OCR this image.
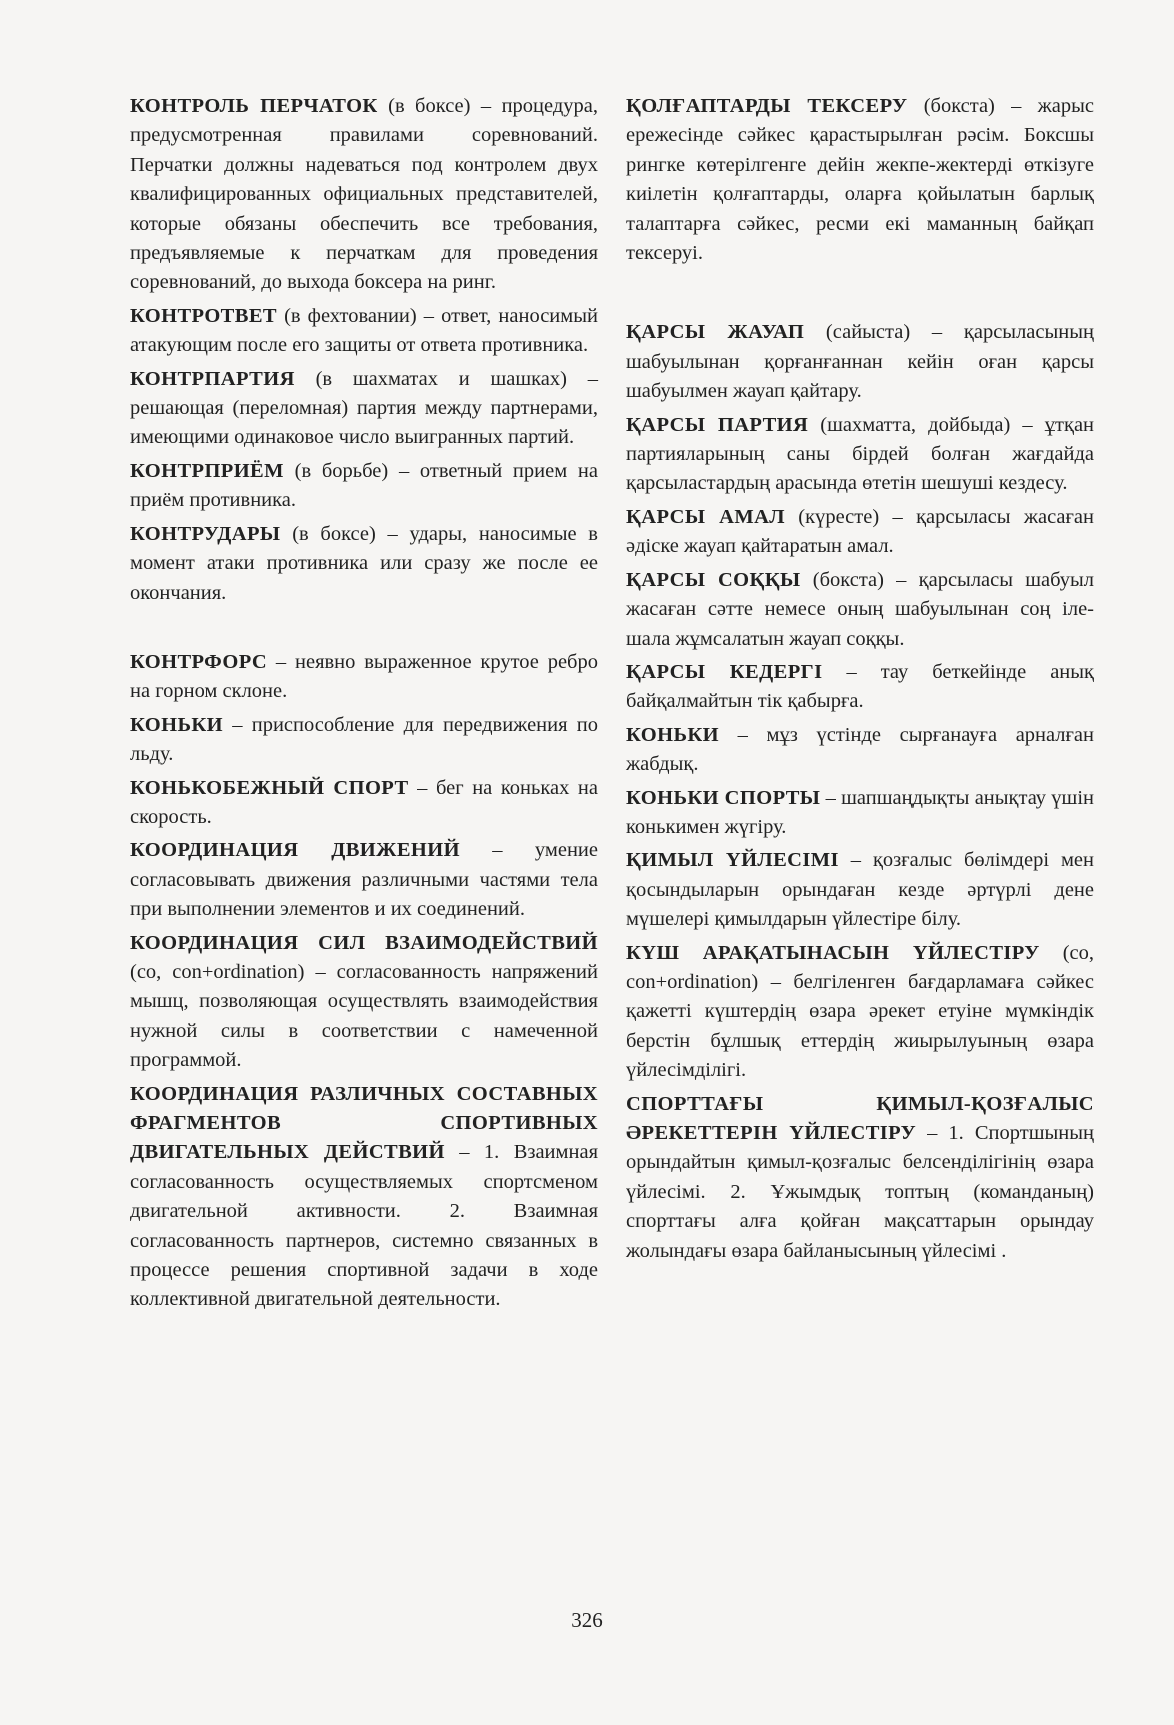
КОНТРОЛЬ ПЕРЧАТОК (в боксе) – процедура, предусмотренная правилами соревнований. Перчатки должны надеваться под контролем двух квалифицированных официальных представителей, которые обязаны обеспечить все требования, предъявляемые к перчаткам для проведения соревнований, до выхода боксера на ринг.

КОНТРОТВЕТ (в фехтовании) – ответ, наносимый атакующим после его защиты от ответа противника.

КОНТРПАРТИЯ (в шахматах и шашках) – решающая (переломная) партия между партнерами, имеющими одинаковое число выигранных партий.

КОНТРПРИЁМ (в борьбе) – ответный прием на приём противника.

КОНТРУДАРЫ (в боксе) – удары, наносимые в момент атаки противника или сразу же после ее окончания.

КОНТРФОРС – неявно выраженное крутое ребро на горном склоне.

КОНЬКИ – приспособление для передвижения по льду.

КОНЬКОБЕЖНЫЙ СПОРТ – бег на коньках на скорость.

КООРДИНАЦИЯ ДВИЖЕНИЙ – умение согласовывать движения различными частями тела при выполнении элементов и их соединений.

КООРДИНАЦИЯ СИЛ ВЗАИМОДЕЙСТВИЙ (co, con+ordination) – согласованность напряжений мышц, позволяющая осуществлять взаимодействия нужной силы в соответствии с намеченной программой.

КООРДИНАЦИЯ РАЗЛИЧНЫХ СОСТАВНЫХ ФРАГМЕНТОВ СПОРТИВНЫХ ДВИГАТЕЛЬНЫХ ДЕЙСТВИЙ – 1. Взаимная согласованность осуществляемых спортсменом двигательной активности. 2. Взаимная согласованность партнеров, системно связанных в процессе решения спортивной задачи в ходе коллективной двигательной деятельности.

ҚОЛҒАПТАРДЫ ТЕКСЕРУ (бокста) – жарыс ережесінде сәйкес қарастырылған рәсім. Боксшы рингке көтерілгенге дейін жекпе-жектерді өткізуге киілетін қолғаптарды, оларға қойылатын барлық талаптарға сәйкес, ресми екі маманның байқап тексеруі.

ҚАРСЫ ЖАУАП (сайыста) – қарсыласының шабуылынан қорғанғаннан кейін оған қарсы шабуылмен жауап қайтару.

ҚАРСЫ ПАРТИЯ (шахматта, дойбыда) – ұтқан партияларының саны бірдей болған жағдайда қарсыластардың арасында өтетін шешуші кездесу.

ҚАРСЫ АМАЛ (күресте) – қарсыласы жасаған әдіске жауап қайтаратын амал.

ҚАРСЫ СОҚҚЫ (бокста) – қарсыласы шабуыл жасаған сәтте немесе оның шабуылынан соң іле-шала жұмсалатын жауап соққы.

ҚАРСЫ КЕДЕРГІ – тау беткейінде анық байқалмайтын тік қабырға.

КОНЬКИ – мұз үстінде сырғанауға арналған жабдық.

КОНЬКИ СПОРТЫ – шапшаңдықты анықтау үшін конькимен жүгіру.

ҚИМЫЛ ҮЙЛЕСІМІ – қозғалыс бөлімдері мен қосындыларын орындаған кезде әртүрлі дене мүшелері қимылдарын үйлестіре білу.

КҮШ АРАҚАТЫНАСЫН ҮЙЛЕСТІРУ (co, con+ordination) – белгіленген бағдарламаға сәйкес қажетті күштердің өзара әрекет етуіне мүмкіндік берстін бұлшық еттердің жиырылуының өзара үйлесімділігі.

СПОРТТАҒЫ ҚИМЫЛ-ҚОЗҒАЛЫС ӘРЕКЕТТЕРІН ҮЙЛЕСТІРУ – 1. Спортшының орындайтын қимыл-қозғалыс белсенділігінің өзара үйлесімі. 2. Ұжымдық топтың (команданың) спорттағы алға қойған мақсаттарын орындау жолындағы өзара байланысының үйлесімі .

326
